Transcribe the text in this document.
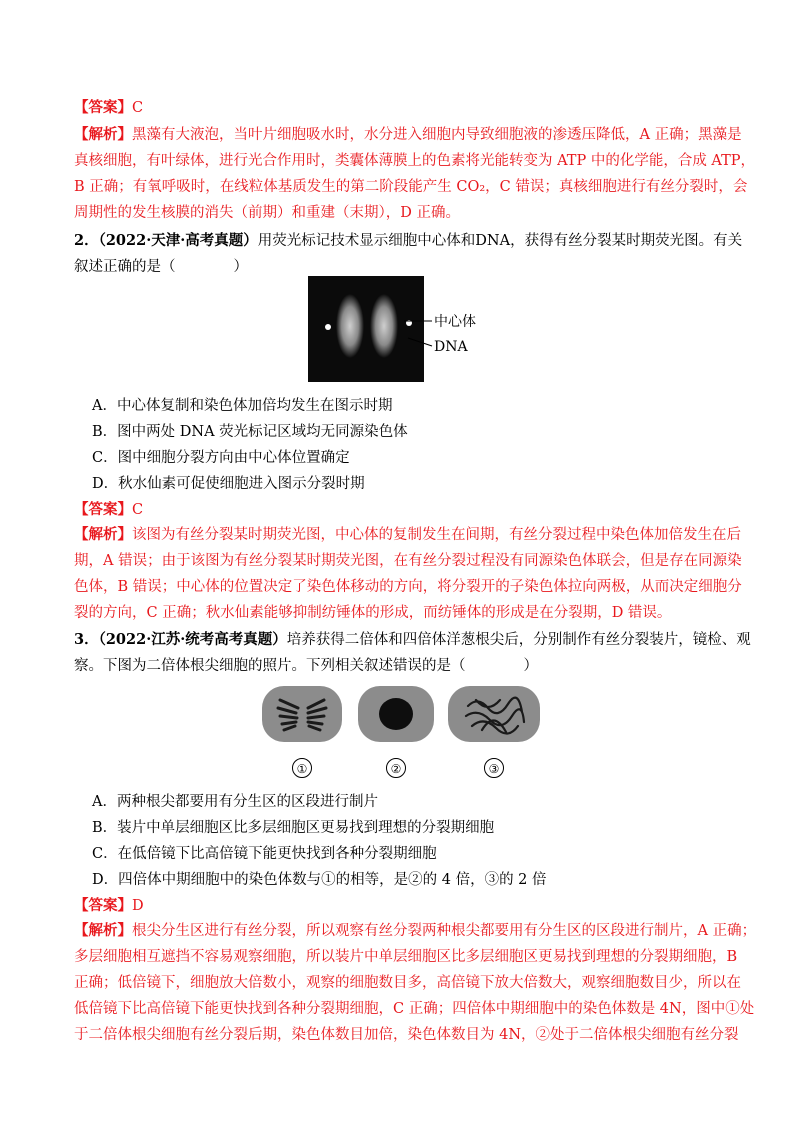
【答案】C
【解析】黑藻有大液泡，当叶片细胞吸水时，水分进入细胞内导致细胞液的渗透压降低，A 正确；黑藻是
真核细胞，有叶绿体，进行光合作用时，类囊体薄膜上的色素将光能转变为 ATP 中的化学能，合成 ATP，
B 正确；有氧呼吸时，在线粒体基质发生的第二阶段能产生 CO₂，C 错误；真核细胞进行有丝分裂时，会
周期性的发生核膜的消失（前期）和重建（末期），D 正确。
2．（2022·天津·高考真题）用荧光标记技术显示细胞中心体和DNA，获得有丝分裂某时期荧光图。有关
叙述正确的是（　　　　）
中心体
DNA
A．中心体复制和染色体加倍均发生在图示时期
B．图中两处 DNA 荧光标记区域均无同源染色体
C．图中细胞分裂方向由中心体位置确定
D．秋水仙素可促使细胞进入图示分裂时期
【答案】C
【解析】该图为有丝分裂某时期荧光图，中心体的复制发生在间期，有丝分裂过程中染色体加倍发生在后
期，A 错误；由于该图为有丝分裂某时期荧光图，在有丝分裂过程没有同源染色体联会，但是存在同源染
色体，B 错误；中心体的位置决定了染色体移动的方向，将分裂开的子染色体拉向两极，从而决定细胞分
裂的方向，C 正确；秋水仙素能够抑制纺锤体的形成，而纺锤体的形成是在分裂期，D 错误。
3．（2022·江苏·统考高考真题）培养获得二倍体和四倍体洋葱根尖后，分别制作有丝分裂装片，镜检、观
察。下图为二倍体根尖细胞的照片。下列相关叙述错误的是（　　　　）
①	②	③
A．两种根尖都要用有分生区的区段进行制片
B．装片中单层细胞区比多层细胞区更易找到理想的分裂期细胞
C．在低倍镜下比高倍镜下能更快找到各种分裂期细胞
D．四倍体中期细胞中的染色体数与①的相等，是②的 4 倍，③的 2 倍
【答案】D
【解析】根尖分生区进行有丝分裂，所以观察有丝分裂两种根尖都要用有分生区的区段进行制片，A 正确；
多层细胞相互遮挡不容易观察细胞，所以装片中单层细胞区比多层细胞区更易找到理想的分裂期细胞，B
正确；低倍镜下，细胞放大倍数小，观察的细胞数目多，高倍镜下放大倍数大，观察细胞数目少，所以在
低倍镜下比高倍镜下能更快找到各种分裂期细胞，C 正确；四倍体中期细胞中的染色体数是 4N，图中①处
于二倍体根尖细胞有丝分裂后期，染色体数目加倍，染色体数目为 4N，②处于二倍体根尖细胞有丝分裂
